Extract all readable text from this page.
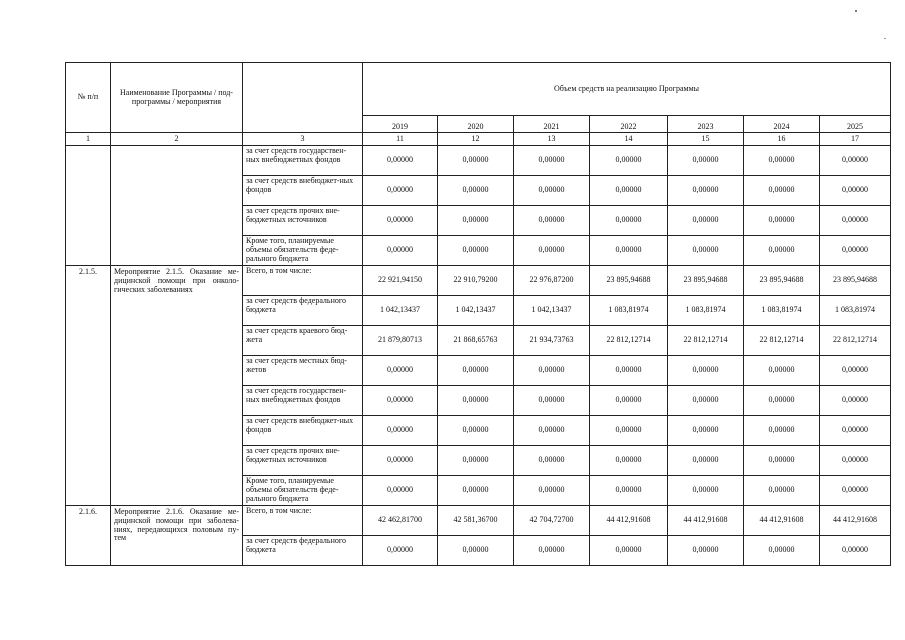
№ п/п	Наименование Программы / под-программы / мероприятия		Объем средств на реализацию Программы						
			2019	2020	2021	2022	2023	2024	2025
1	2	3	11	12	13	14	15	16	17
		за счет средств государствен-ных внебюджетных фондов	0,00000	0,00000	0,00000	0,00000	0,00000	0,00000	0,00000
		за счет средств внебюджет-ных фондов	0,00000	0,00000	0,00000	0,00000	0,00000	0,00000	0,00000
		за счет средств прочих вне-бюджетных источников	0,00000	0,00000	0,00000	0,00000	0,00000	0,00000	0,00000
		Кроме того, планируемые объемы обязательств феде-рального бюджета	0,00000	0,00000	0,00000	0,00000	0,00000	0,00000	0,00000
2.1.5.	Мероприятие 2.1.5. Оказание ме-дицинской помощи при онколо-гических заболеваниях	Всего, в том числе:	22 921,94150	22 910,79200	22 976,87200	23 895,94688	23 895,94688	23 895,94688	23 895,94688
		за счет средств федерального бюджета	1 042,13437	1 042,13437	1 042,13437	1 083,81974	1 083,81974	1 083,81974	1 083,81974
		за счет средств краевого бюд-жета	21 879,80713	21 868,65763	21 934,73763	22 812,12714	22 812,12714	22 812,12714	22 812,12714
		за счет средств местных бюд-жетов	0,00000	0,00000	0,00000	0,00000	0,00000	0,00000	0,00000
		за счет средств государствен-ных внебюджетных фондов	0,00000	0,00000	0,00000	0,00000	0,00000	0,00000	0,00000
		за счет средств внебюджет-ных фондов	0,00000	0,00000	0,00000	0,00000	0,00000	0,00000	0,00000
		за счет средств прочих вне-бюджетных источников	0,00000	0,00000	0,00000	0,00000	0,00000	0,00000	0,00000
		Кроме того, планируемые объемы обязательств феде-рального бюджета	0,00000	0,00000	0,00000	0,00000	0,00000	0,00000	0,00000
2.1.6.	Мероприятие 2.1.6. Оказание ме-дицинской помощи при заболева-ниях, передающихся половым пу-тем	Всего, в том числе:	42 462,81700	42 581,36700	42 704,72700	44 412,91608	44 412,91608	44 412,91608	44 412,91608
		за счет средств федерального бюджета	0,00000	0,00000	0,00000	0,00000	0,00000	0,00000	0,00000
